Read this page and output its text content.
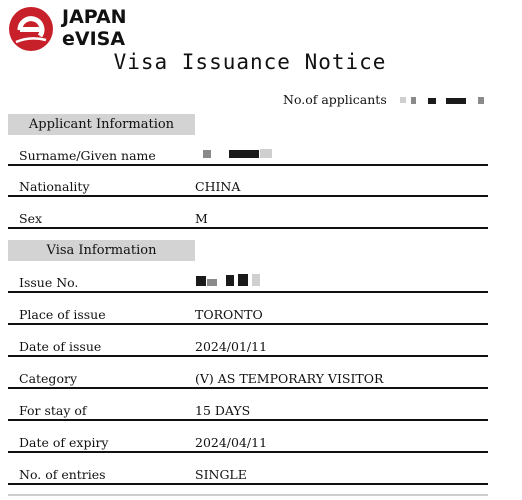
JAPAN
eVISA
Visa Issuance Notice
No.of applicants
Applicant Information
Surname/Given name
Nationality	CHINA
Sex	M
Visa Information
Issue No.
Place of issue	TORONTO
Date of issue	2024/01/11
Category	(V) AS TEMPORARY VISITOR
For stay of	15 DAYS
Date of expiry	2024/04/11
No. of entries	SINGLE
